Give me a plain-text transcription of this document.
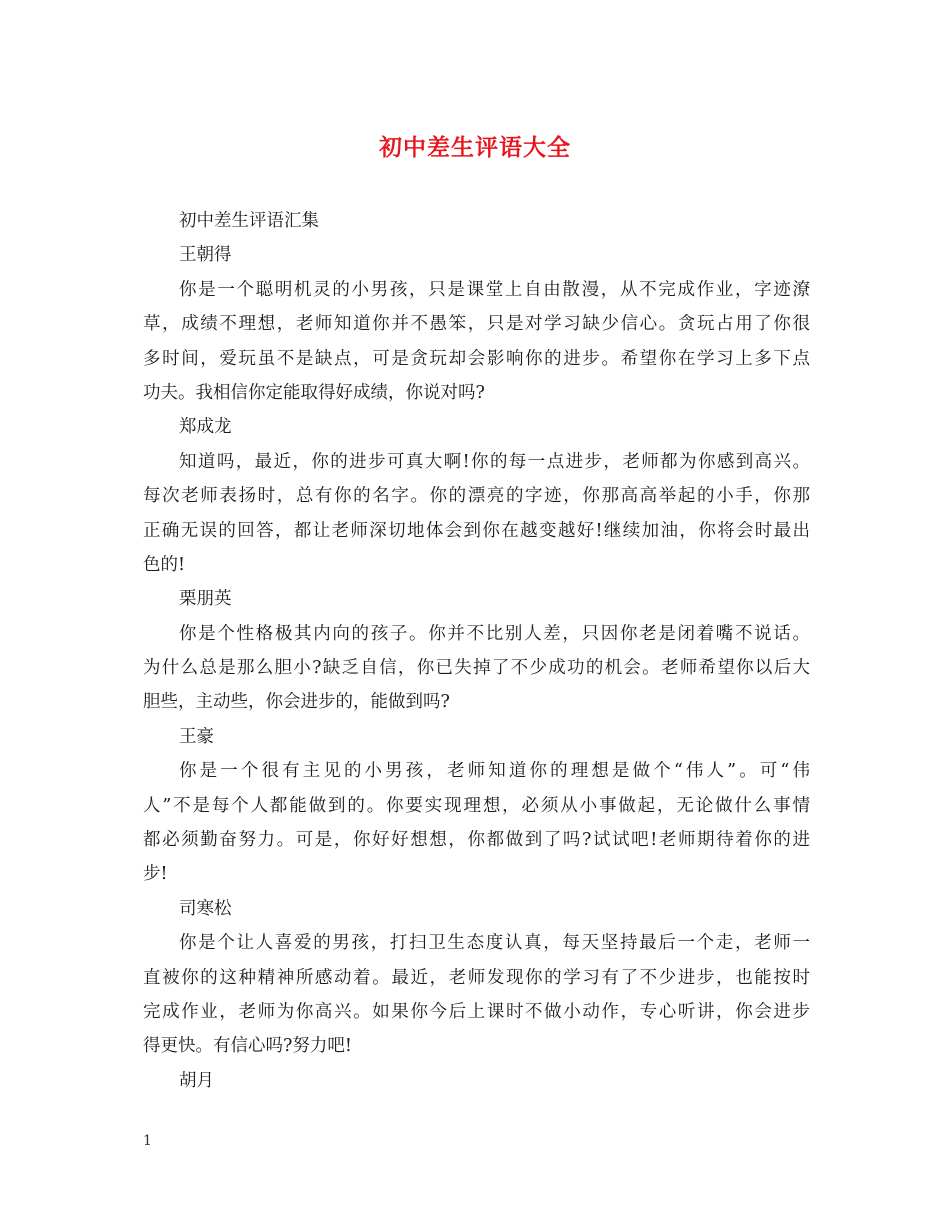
初中差生评语大全
初中差生评语汇集
王朝得
你是一个聪明机灵的小男孩，只是课堂上自由散漫，从不完成作业，字迹潦
草，成绩不理想，老师知道你并不愚笨，只是对学习缺少信心。贪玩占用了你很
多时间，爱玩虽不是缺点，可是贪玩却会影响你的进步。希望你在学习上多下点
功夫。我相信你定能取得好成绩，你说对吗?
郑成龙
知道吗，最近，你的进步可真大啊!你的每一点进步，老师都为你感到高兴。
每次老师表扬时，总有你的名字。你的漂亮的字迹，你那高高举起的小手，你那
正确无误的回答，都让老师深切地体会到你在越变越好!继续加油，你将会时最出
色的!
栗朋英
你是个性格极其内向的孩子。你并不比别人差，只因你老是闭着嘴不说话。
为什么总是那么胆小?缺乏自信，你已失掉了不少成功的机会。老师希望你以后大
胆些，主动些，你会进步的，能做到吗?
王豪
你是一个很有主见的小男孩，老师知道你的理想是做个“伟人”。可“伟
人”不是每个人都能做到的。你要实现理想，必须从小事做起，无论做什么事情
都必须勤奋努力。可是，你好好想想，你都做到了吗?试试吧!老师期待着你的进
步!
司寒松
你是个让人喜爱的男孩，打扫卫生态度认真，每天坚持最后一个走，老师一
直被你的这种精神所感动着。最近，老师发现你的学习有了不少进步，也能按时
完成作业，老师为你高兴。如果你今后上课时不做小动作，专心听讲，你会进步
得更快。有信心吗?努力吧!
胡月
1
